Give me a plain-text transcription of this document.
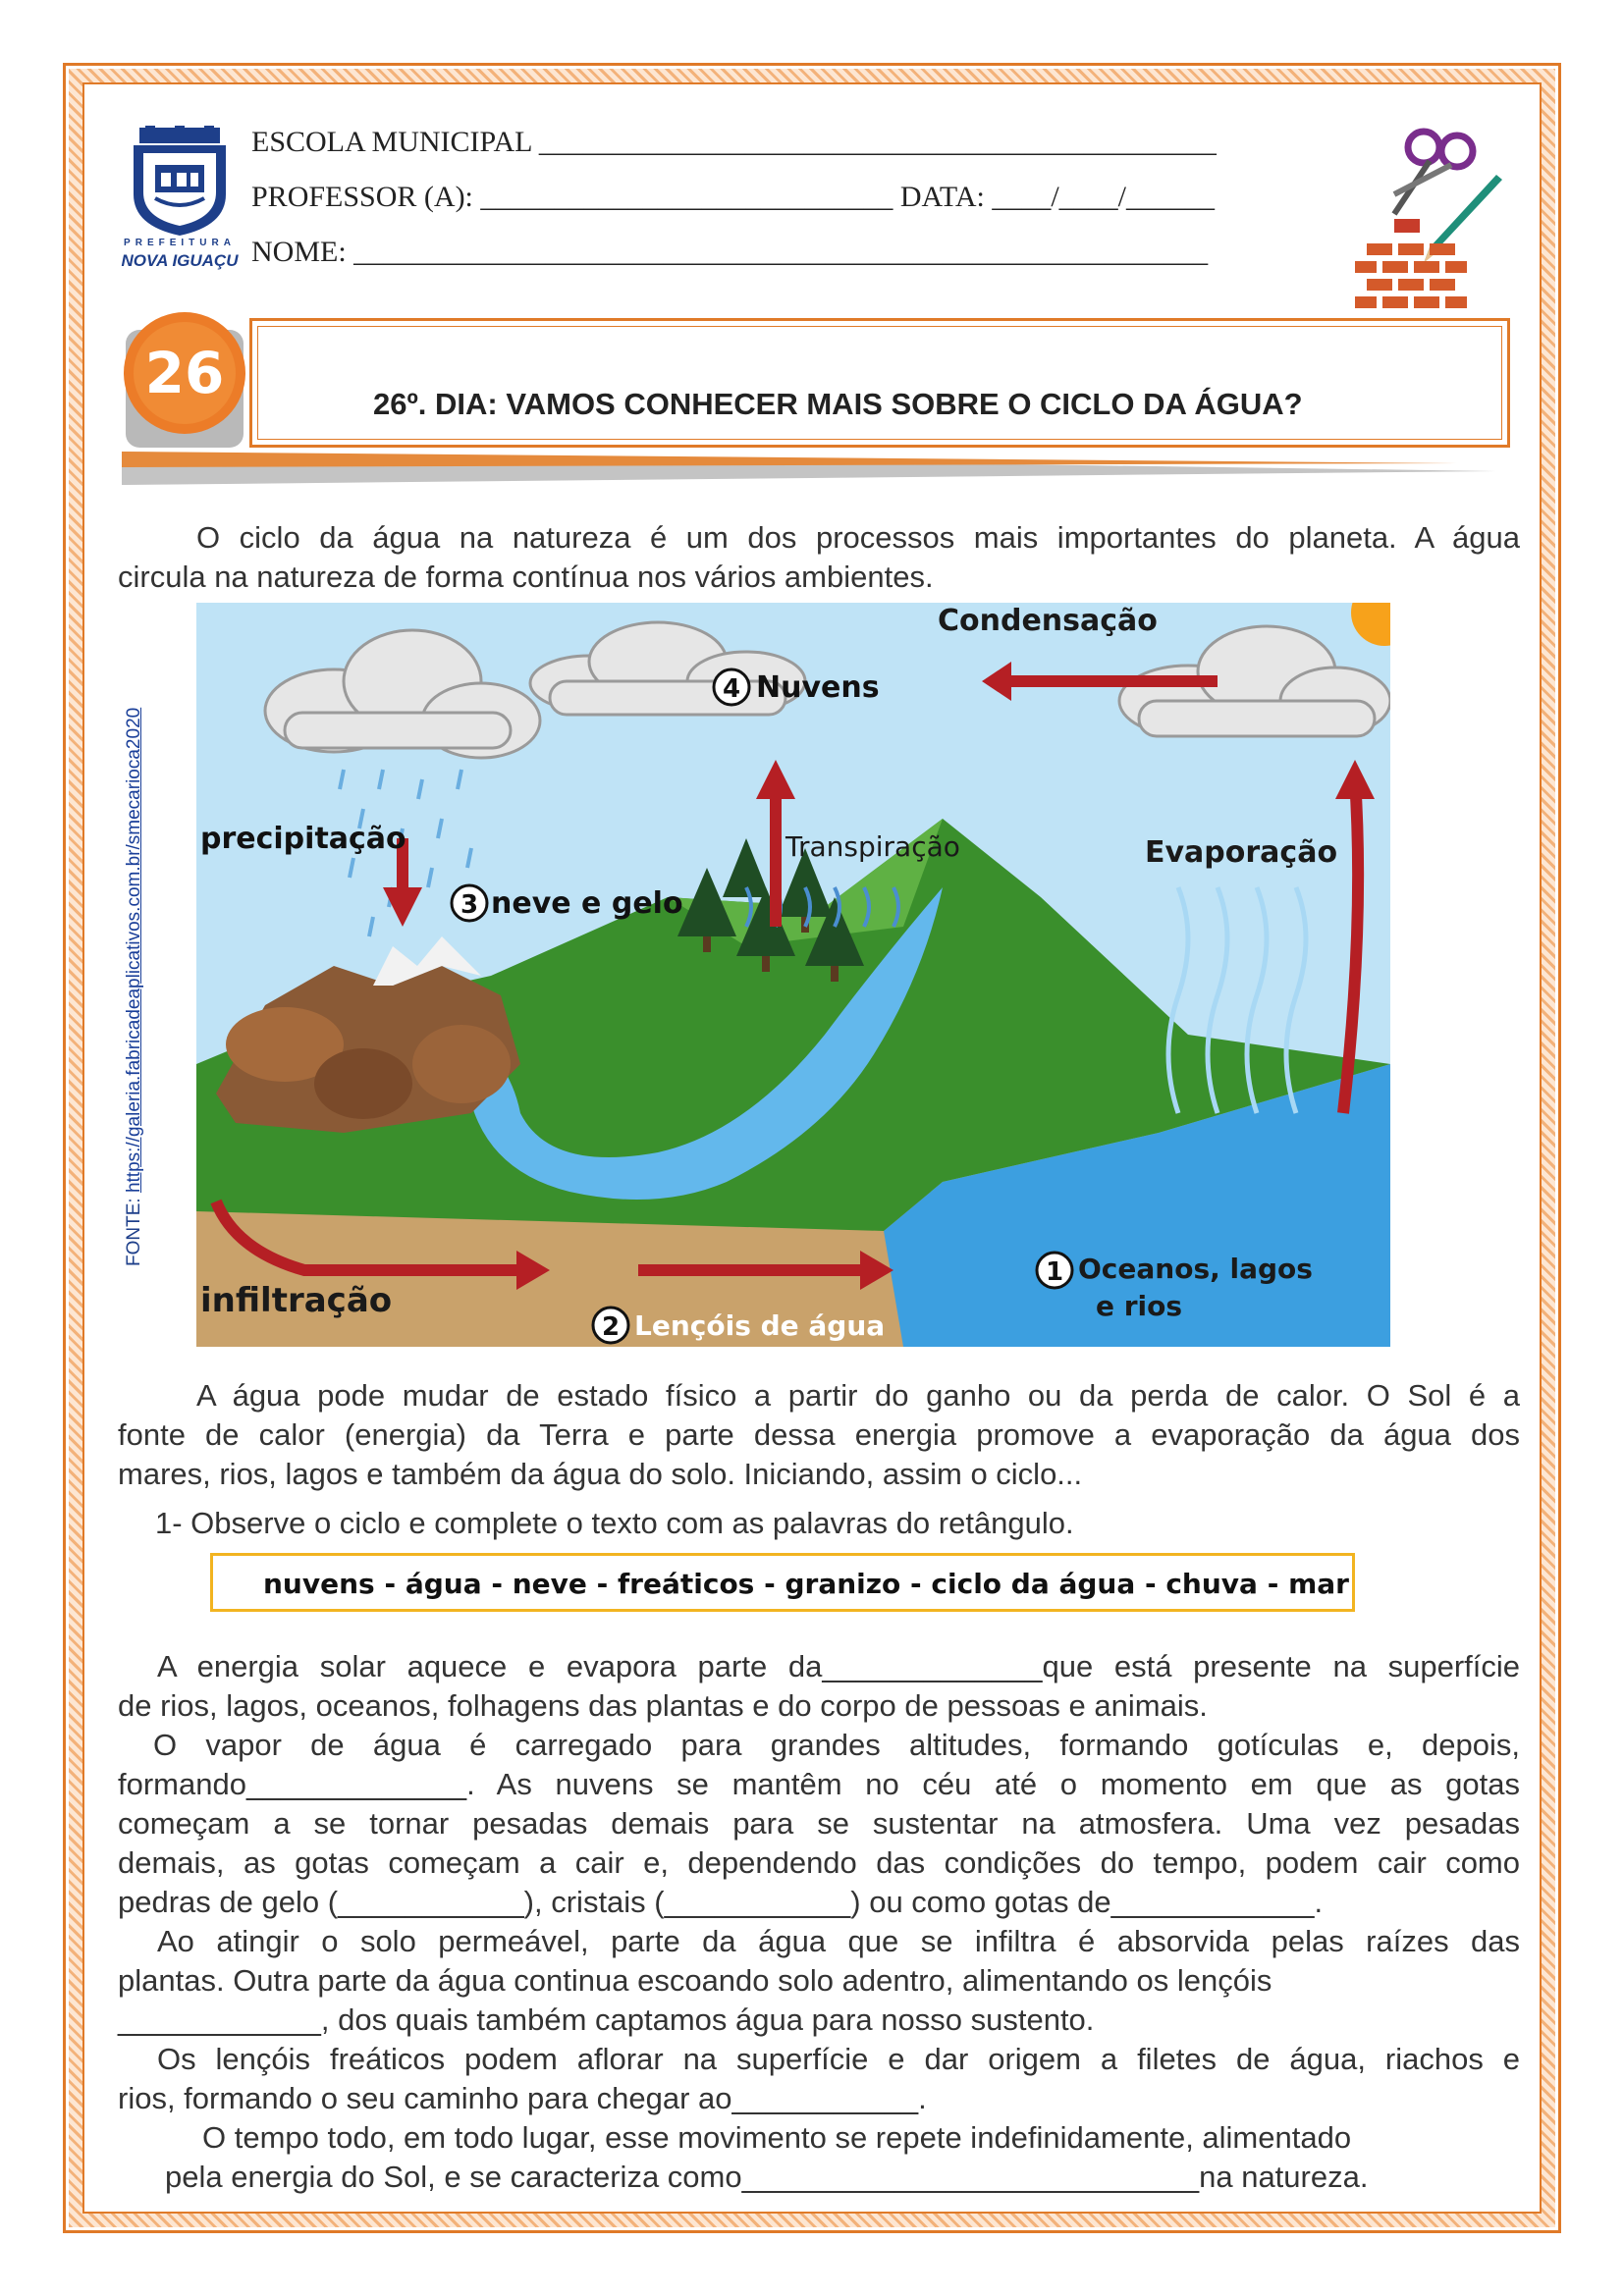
PREFEITURA
NOVA IGUAÇU
ESCOLA MUNICIPAL ______________________________________________
PROFESSOR (A): ____________________________ DATA: ____/____/______
NOME: __________________________________________________________
26	26º. DIA: VAMOS CONHECER MAIS SOBRE O CICLO DA ÁGUA?
O ciclo da água na natureza é um dos processos mais importantes do planeta. A água
circula na natureza de forma contínua nos vários ambientes.
FONTE: https://galeria.fabricadeaplicativos.com.br/smecarioca2020
Condensação
4 Nuvens
precipitação
3 neve e gelo
Transpiração	Evaporação
infiltração
2 Lençóis de água
1 Oceanos, lagos
e rios
A água pode mudar de estado físico a partir do ganho ou da perda de calor. O Sol é a
fonte de calor (energia) da Terra e parte dessa energia promove a evaporação da água dos
mares, rios, lagos e também da água do solo. Iniciando, assim o ciclo...
1- Observe o ciclo e complete o texto com as palavras do retângulo.
nuvens - água - neve - freáticos - granizo - ciclo da água - chuva - mar
A energia solar aquece e evapora parte da_____________que está presente na superfície
de rios, lagos, oceanos, folhagens das plantas e do corpo de pessoas e animais.
O vapor de água é carregado para grandes altitudes, formando gotículas e, depois,
formando_____________. As nuvens se mantêm no céu até o momento em que as gotas
começam a se tornar pesadas demais para se sustentar na atmosfera. Uma vez pesadas
demais, as gotas começam a cair e, dependendo das condições do tempo, podem cair como
pedras de gelo (___________), cristais (___________) ou como gotas de____________.
Ao atingir o solo permeável, parte da água que se infiltra é absorvida pelas raízes das
plantas. Outra parte da água continua escoando solo adentro, alimentando os lençóis
____________, dos quais também captamos água para nosso sustento.
Os lençóis freáticos podem aflorar na superfície e dar origem a filetes de água, riachos e
rios, formando o seu caminho para chegar ao___________.
O tempo todo, em todo lugar, esse movimento se repete indefinidamente, alimentado
pela energia do Sol, e se caracteriza como___________________________na natureza.
